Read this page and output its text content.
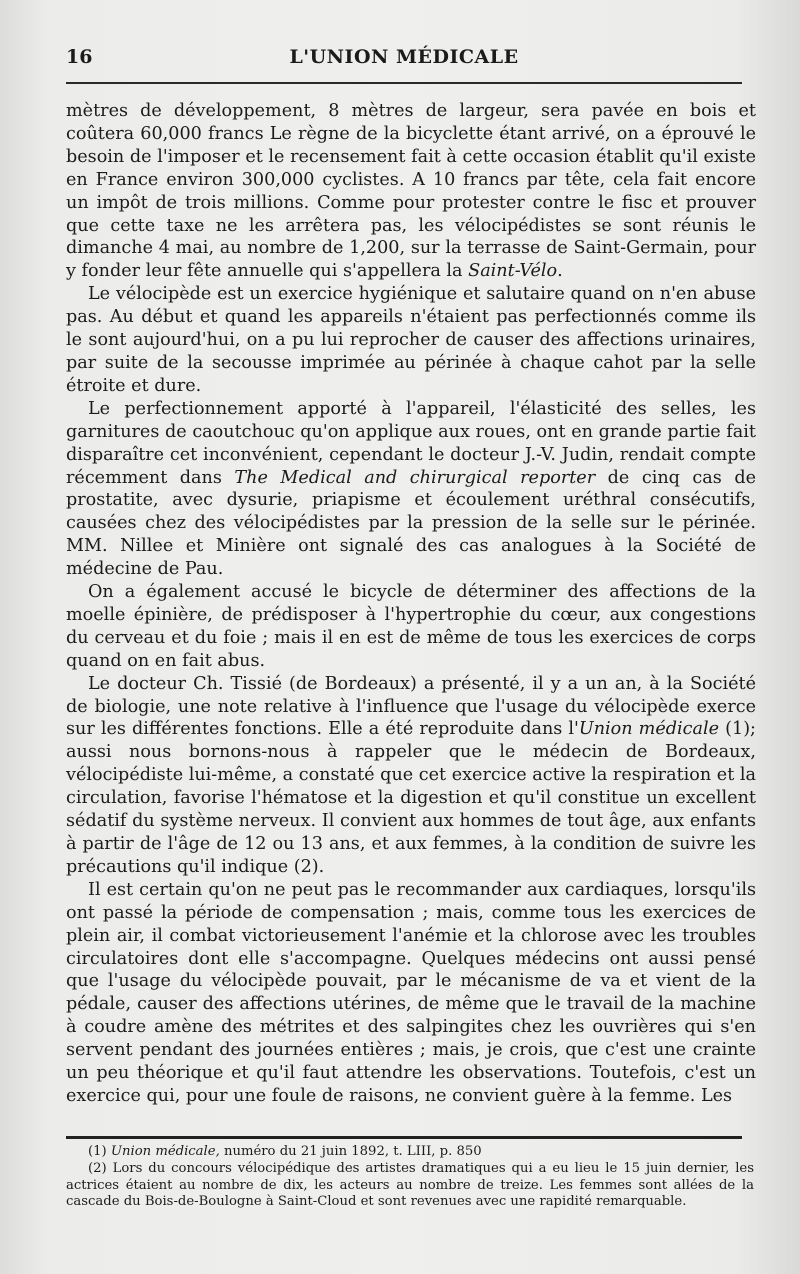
16	L'UNION MÉDICALE

mètres de développement, 8 mètres de largeur, sera pavée en bois et coûtera 60,000 francs Le règne de la bicyclette étant arrivé, on a éprouvé le besoin de l'imposer et le recensement fait à cette occasion établit qu'il existe en France environ 300,000 cyclistes. A 10 francs par tête, cela fait encore un impôt de trois millions. Comme pour protester contre le fisc et prouver que cette taxe ne les arrêtera pas, les vélocipédistes se sont réunis le dimanche 4 mai, au nombre de 1,200, sur la terrasse de Saint-Germain, pour y fonder leur fête annuelle qui s'appellera la Saint-Vélo.

Le vélocipède est un exercice hygiénique et salutaire quand on n'en abuse pas. Au début et quand les appareils n'étaient pas perfectionnés comme ils le sont aujourd'hui, on a pu lui reprocher de causer des affections urinaires, par suite de la secousse imprimée au périnée à chaque cahot par la selle étroite et dure.

Le perfectionnement apporté à l'appareil, l'élasticité des selles, les garnitures de caoutchouc qu'on applique aux roues, ont en grande partie fait disparaître cet inconvénient, cependant le docteur J.-V. Judin, rendait compte récemment dans The Medical and chirurgical reporter de cinq cas de prostatite, avec dysurie, priapisme et écoulement uréthral consécutifs, causées chez des vélocipédistes par la pression de la selle sur le périnée. MM. Nillee et Minière ont signalé des cas analogues à la Société de médecine de Pau.

On a également accusé le bicycle de déterminer des affections de la moelle épinière, de prédisposer à l'hypertrophie du cœur, aux congestions du cerveau et du foie ; mais il en est de même de tous les exercices de corps quand on en fait abus.

Le docteur Ch. Tissié (de Bordeaux) a présenté, il y a un an, à la Société de biologie, une note relative à l'influence que l'usage du vélocipède exerce sur les différentes fonctions. Elle a été reproduite dans l'Union médicale (1); aussi nous bornons-nous à rappeler que le médecin de Bordeaux, vélocipédiste lui-même, a constaté que cet exercice active la respiration et la circulation, favorise l'hématose et la digestion et qu'il constitue un excellent sédatif du système nerveux. Il convient aux hommes de tout âge, aux enfants à partir de l'âge de 12 ou 13 ans, et aux femmes, à la condition de suivre les précautions qu'il indique (2).

Il est certain qu'on ne peut pas le recommander aux cardiaques, lorsqu'ils ont passé la période de compensation ; mais, comme tous les exercices de plein air, il combat victorieusement l'anémie et la chlorose avec les troubles circulatoires dont elle s'accompagne. Quelques médecins ont aussi pensé que l'usage du vélocipède pouvait, par le mécanisme de va et vient de la pédale, causer des affections utérines, de même que le travail de la machine à coudre amène des métrites et des salpingites chez les ouvrières qui s'en servent pendant des journées entières ; mais, je crois, que c'est une crainte un peu théorique et qu'il faut attendre les observations. Toutefois, c'est un exercice qui, pour une foule de raisons, ne convient guère à la femme. Les

(1) Union médicale, numéro du 21 juin 1892, t. LIII, p. 850

(2) Lors du concours vélocipédique des artistes dramatiques qui a eu lieu le 15 juin dernier, les actrices étaient au nombre de dix, les acteurs au nombre de treize. Les femmes sont allées de la cascade du Bois-de-Boulogne à Saint-Cloud et sont revenues avec une rapidité remarquable.
